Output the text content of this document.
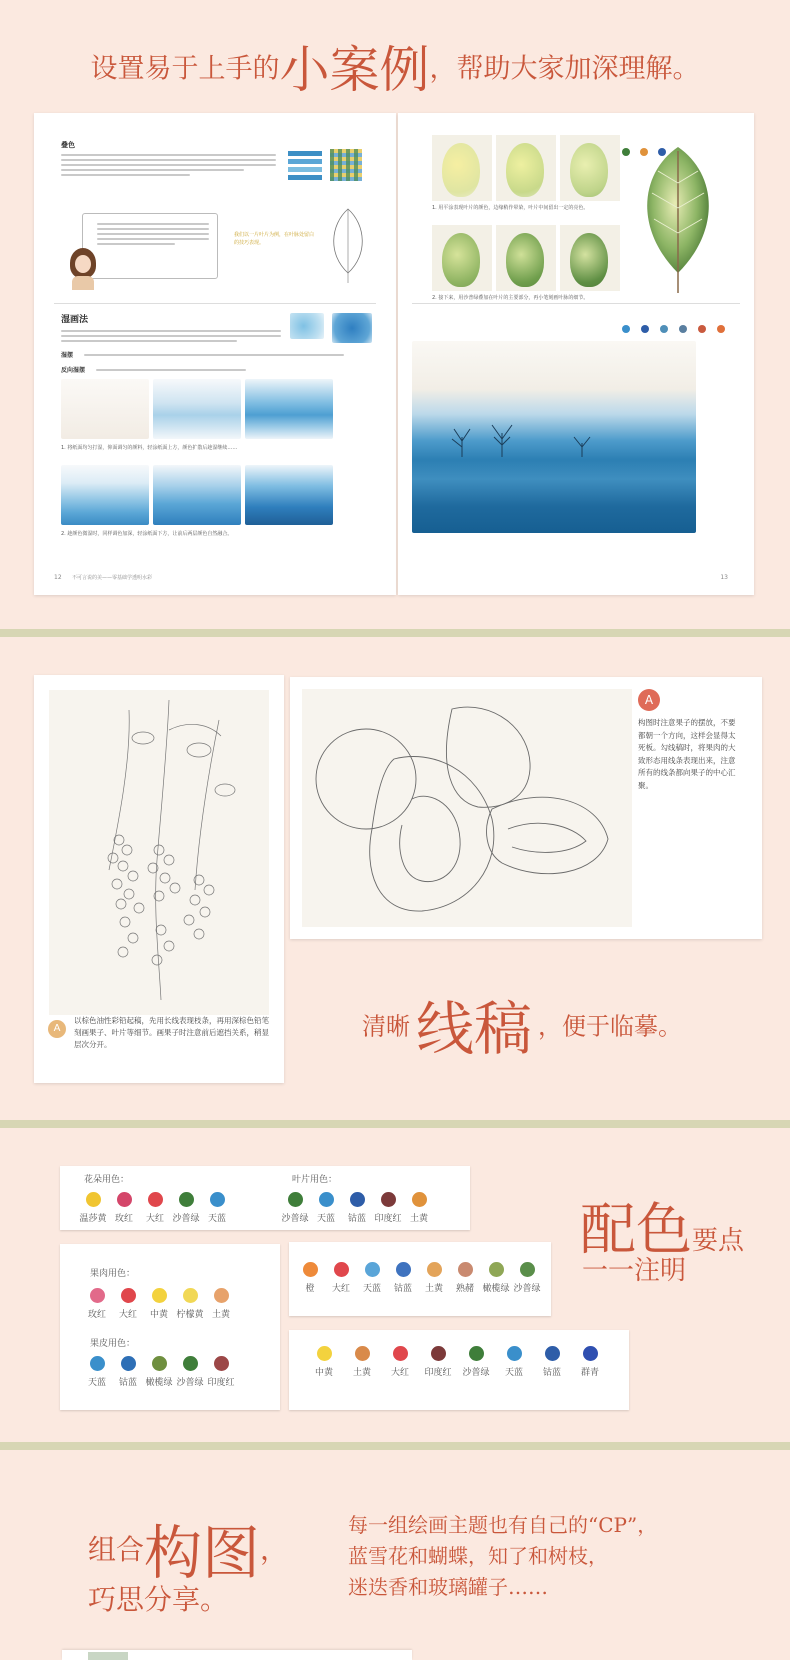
设置易于上手的小案例，帮助大家加深理解。
叠色
我们以一片叶片为例，在叶脉处留白的技巧表现。
湿画法
湿摆
反向湿摆
1. 将纸面均匀打湿，仰面调匀的颜料，轻涂纸面上方，颜色扩散后趁湿继续……
2. 趁颜色微湿时，同样调色加深，轻涂纸面下方，让前后两层颜色自然融合。
12 不可言说的美——零基础学透明水彩
1. 用平涂表现叶片的颜色，边缘稍作晕染，叶片中间留出一定的亮色。
2. 接下来，用沙普绿叠加在叶片的主要部分，再小笔刻画叶脉的细节。

13
A
以棕色油性彩铅起稿，先用长线表现枝条，再用深棕色铅笔刻画果子、叶片等细节。画果子时注意前后遮挡关系，稍显层次分开。
A
构图时注意果子的摆放，不要都朝一个方向，这样会显得太死板。勾线稿时，将果肉的大致形态用线条表现出来，注意所有的线条都向果子的中心汇聚。
清晰 线稿 ，便于临摹。
花朵用色：	叶片用色：
温莎黄 玫红	大红 沙普绿 天蓝	沙普绿 天蓝	钴蓝 印度红 土黄
果肉用色：
果皮用色：
玫红	大红	中黄 柠檬黄 土黄
天蓝	钴蓝 橄榄绿 沙普绿 印度红
橙	大红	天蓝	钴蓝	土黄	熟赭 橄榄绿 沙普绿
中黄	土黄	大红	印度红	沙普绿	天蓝	钴蓝	群青
配色要点
一一注明
组合构图，
巧思分享。
每一组绘画主题也有自己的“CP”，
蓝雪花和蝴蝶，知了和树枝，
迷迭香和玻璃罐子……
